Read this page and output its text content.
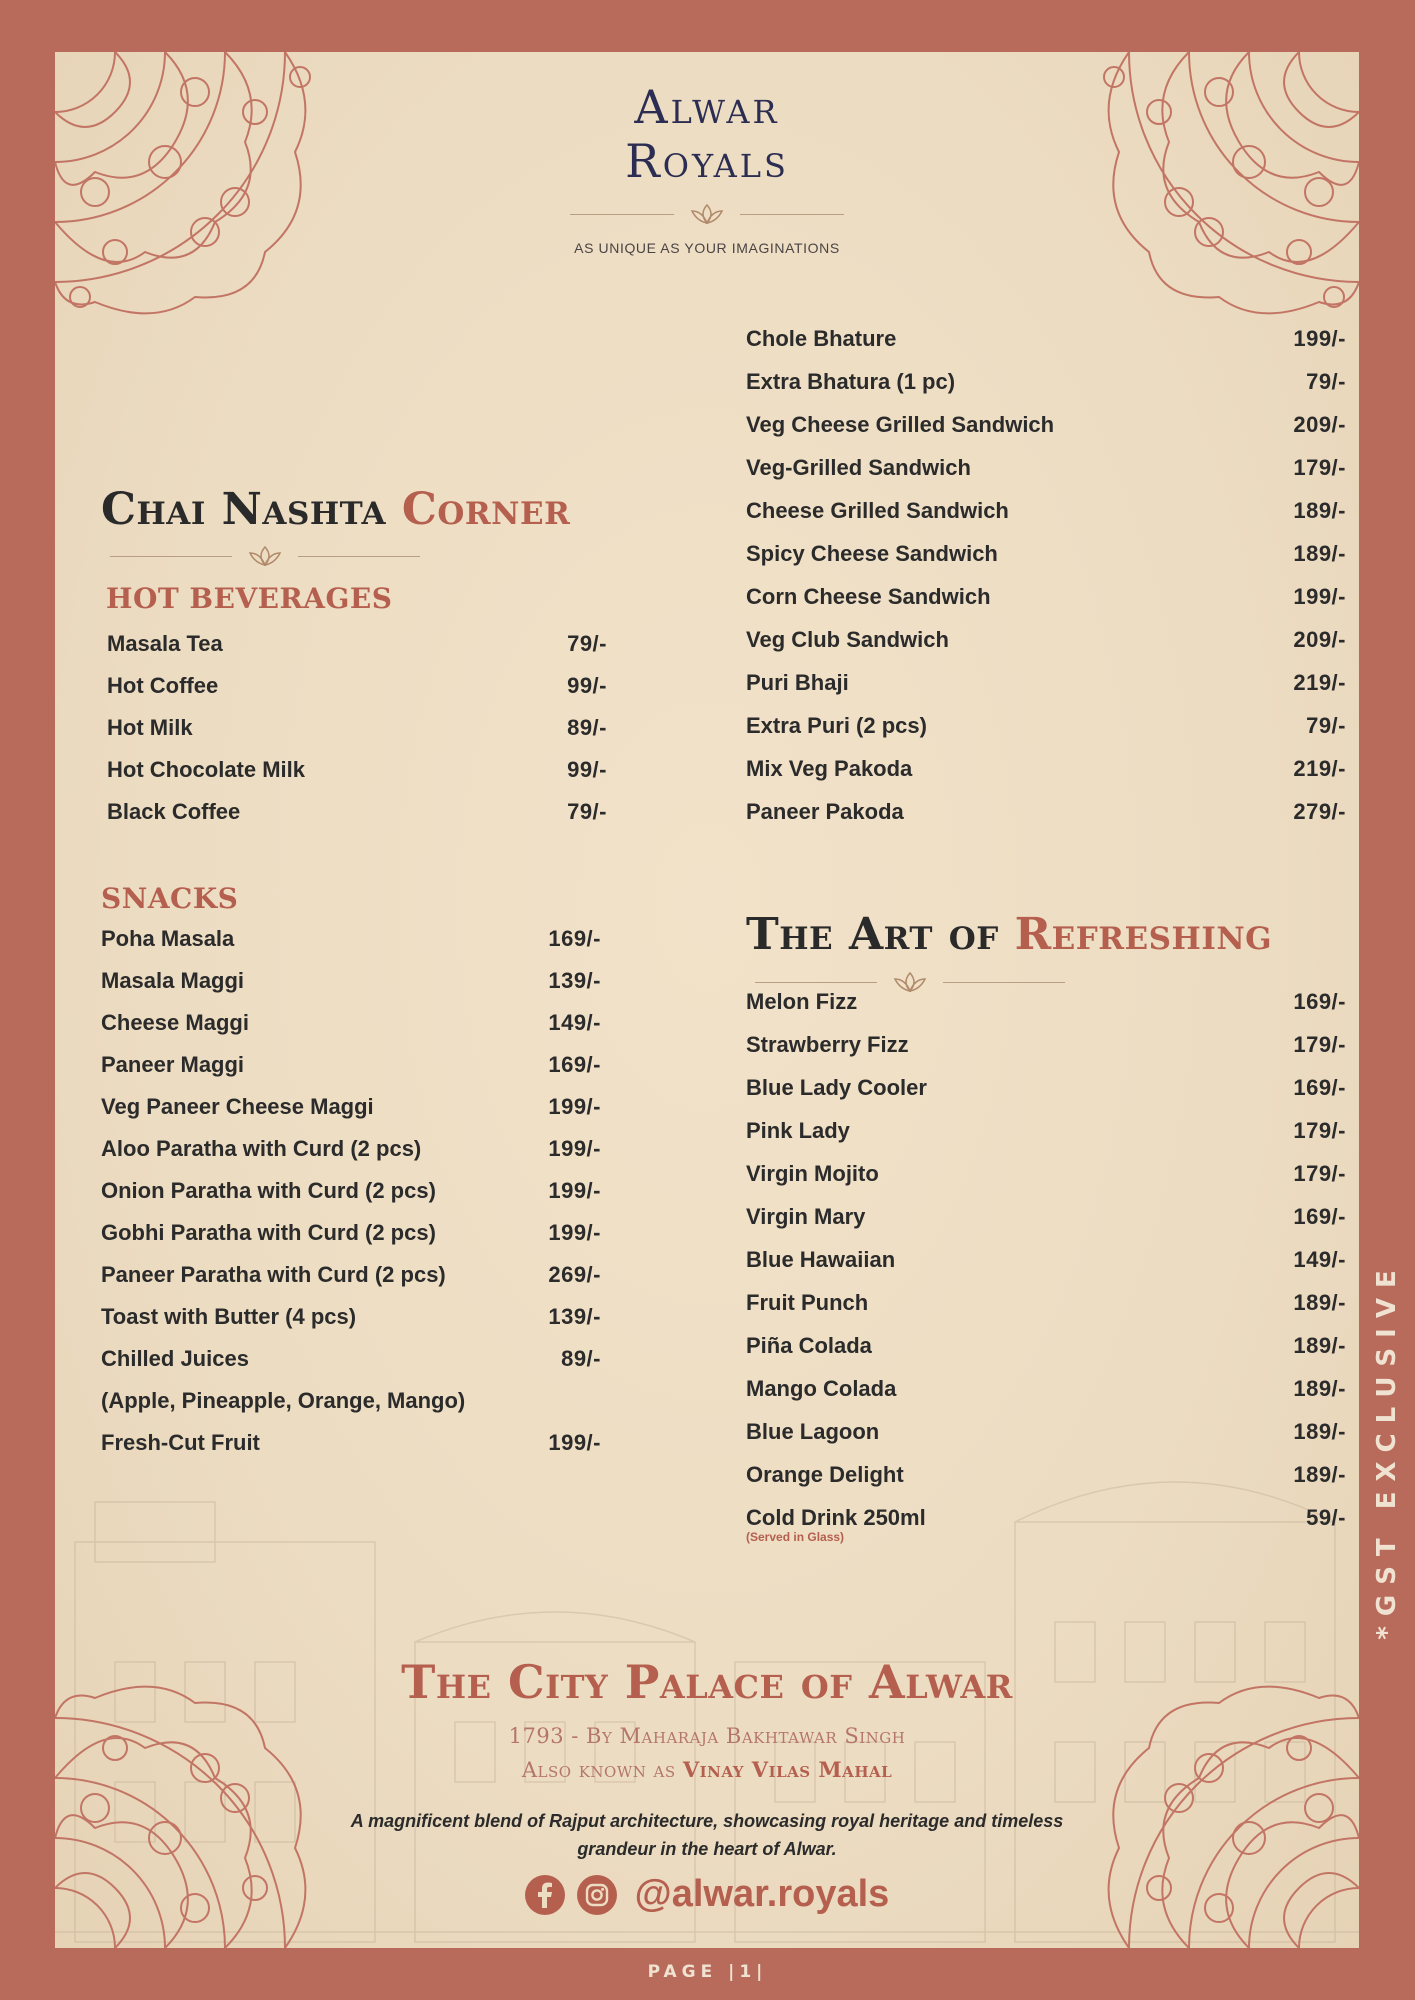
Alwar

Royals

AS UNIQUE AS YOUR IMAGINATIONS
Chai Nashta Corner
HOT BEVERAGES
Masala Tea	79/-
Hot Coffee	99/-
Hot Milk	89/-
Hot Chocolate Milk	99/-
Black Coffee	79/-
SNACKS
Poha Masala	169/-
Masala Maggi	139/-
Cheese Maggi	149/-
Paneer Maggi	169/-
Veg Paneer Cheese Maggi	199/-
Aloo Paratha with Curd (2 pcs)	199/-
Onion Paratha with Curd (2 pcs)	199/-
Gobhi Paratha with Curd (2 pcs)	199/-
Paneer Paratha with Curd (2 pcs)	269/-
Toast with Butter (4 pcs)	139/-
Chilled Juices	89/-
(Apple, Pineapple, Orange, Mango)
Fresh-Cut Fruit	199/-
Chole Bhature	199/-
Extra Bhatura (1 pc)	79/-
Veg Cheese Grilled Sandwich	209/-
Veg-Grilled Sandwich	179/-
Cheese Grilled Sandwich	189/-
Spicy Cheese Sandwich	189/-
Corn Cheese Sandwich	199/-
Veg Club Sandwich	209/-
Puri Bhaji	219/-
Extra Puri (2 pcs)	79/-
Mix Veg Pakoda	219/-
Paneer Pakoda	279/-
The Art of Refreshing
Melon Fizz	169/-
Strawberry Fizz	179/-
Blue Lady Cooler	169/-
Pink Lady	179/-
Virgin Mojito	179/-
Virgin Mary	169/-
Blue Hawaiian	149/-
Fruit Punch	189/-
Piña Colada	189/-
Mango Colada	189/-
Blue Lagoon	189/-
Orange Delight	189/-
Cold Drink 250ml	59/-
(Served in Glass)
The City Palace of Alwar

1793 - By Maharaja Bakhtawar Singh

Also known as Vinay Vilas Mahal

A magnificent blend of Rajput architecture, showcasing royal heritage and timeless grandeur in the heart of Alwar.

@alwar.royals
*GST EXCLUSIVE
PAGE |1|
